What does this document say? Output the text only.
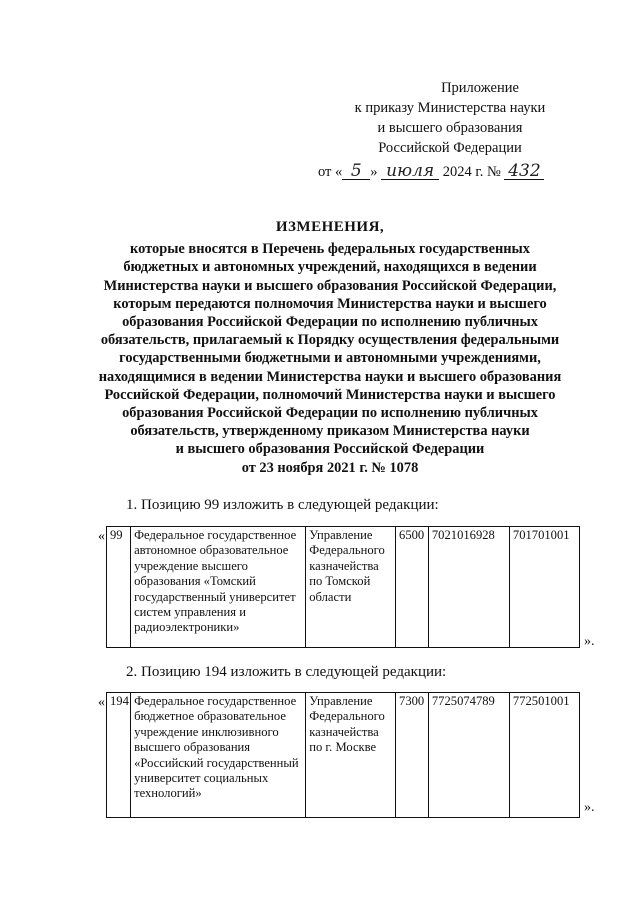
Приложение
к приказу Министерства науки
и высшего образования
Российской Федерации
от « 5 » июля 2024 г. № 432
ИЗМЕНЕНИЯ,
которые вносятся в Перечень федеральных государственных
бюджетных и автономных учреждений, находящихся в ведении
Министерства науки и высшего образования Российской Федерации,
которым передаются полномочия Министерства науки и высшего
образования Российской Федерации по исполнению публичных
обязательств, прилагаемый к Порядку осуществления федеральными
государственными бюджетными и автономными учреждениями,
находящимися в ведении Министерства науки и высшего образования
Российской Федерации, полномочий Министерства науки и высшего
образования Российской Федерации по исполнению публичных
обязательств, утвержденному приказом Министерства науки
и высшего образования Российской Федерации
от 23 ноября 2021 г. № 1078
1. Позицию 99 изложить в следующей редакции:
« 99	Федеральное государственное автономное образовательное учреждение высшего образования «Томский государственный университет систем управления и радиоэлектроники»	Управление Федерального казначейства по Томской области	6500	7021016928	701701001
».
2. Позицию 194 изложить в следующей редакции:
« 194	Федеральное государственное бюджетное образовательное учреждение инклюзивного высшего образования «Российский государственный университет социальных технологий»	Управление Федерального казначейства по г. Москве	7300	7725074789	772501001
».
